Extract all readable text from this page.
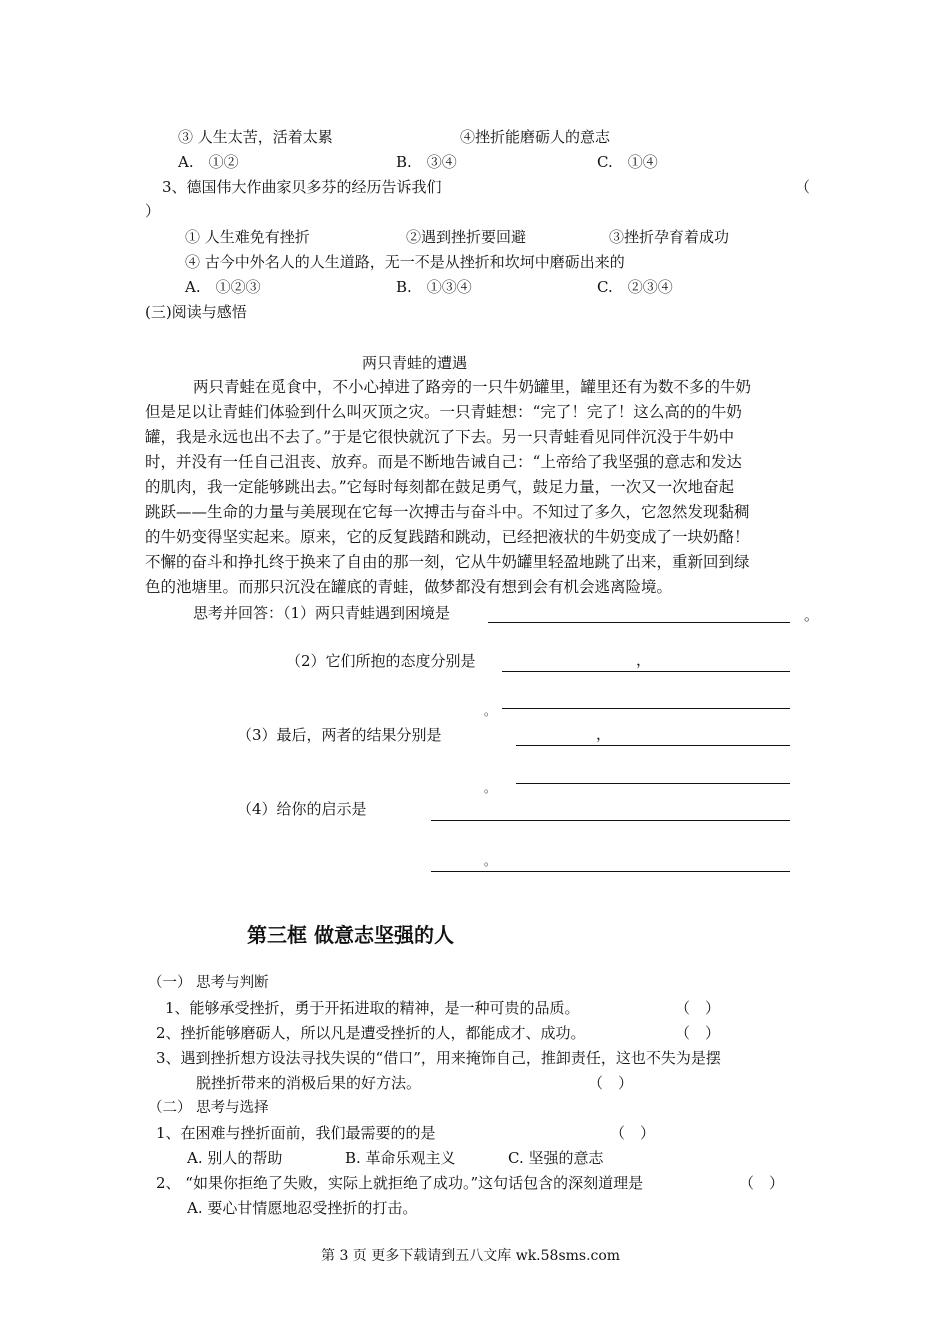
③ 人生太苦，活着太累	④挫折能磨砺人的意志
A.　①②	B.　③④	C.　①④
3、德国伟大作曲家贝多芬的经历告诉我们	（
）
① 人生难免有挫折	②遇到挫折要回避	③挫折孕育着成功
④ 古今中外名人的人生道路，无一不是从挫折和坎坷中磨砺出来的
A.　①②③	B.　①③④	C.　②③④
(三)阅读与感悟
两只青蛙的遭遇
两只青蛙在觅食中，不小心掉进了路旁的一只牛奶罐里，罐里还有为数不多的牛奶
但是足以让青蛙们体验到什么叫灭顶之灾。一只青蛙想：“完了！完了！这么高的的牛奶
罐，我是永远也出不去了。”于是它很快就沉了下去。另一只青蛙看见同伴沉没于牛奶中
时，并没有一任自己沮丧、放弃。而是不断地告诫自己：“上帝给了我坚强的意志和发达
的肌肉，我一定能够跳出去。”它每时每刻都在鼓足勇气，鼓足力量，一次又一次地奋起
跳跃——生命的力量与美展现在它每一次搏击与奋斗中。不知过了多久，它忽然发现黏稠
的牛奶变得坚实起来。原来，它的反复践踏和跳动，已经把液状的牛奶变成了一块奶酪！
不懈的奋斗和挣扎终于换来了自由的那一刻，它从牛奶罐里轻盈地跳了出来，重新回到绿
色的池塘里。而那只沉没在罐底的青蛙，做梦都没有想到会有机会逃离险境。
思考并回答：（1）两只青蛙遇到困境是	。
（2）它们所抱的态度分别是	，
。
（3）最后，两者的结果分别是	，
。
（4）给你的启示是
。
第三框 做意志坚强的人
（一） 思考与判断
1、能够承受挫折，勇于开拓进取的精神，是一种可贵的品质。	（　）
2、挫折能够磨砺人，所以凡是遭受挫折的人，都能成才、成功。	（　）
3、遇到挫折想方设法寻找失误的“借口”，用来掩饰自己，推卸责任，这也不失为是摆
脱挫折带来的消极后果的好方法。	（　）
（二） 思考与选择
1、在困难与挫折面前，我们最需要的的是	（　）
A. 别人的帮助	B. 革命乐观主义	C. 坚强的意志
2、 “如果你拒绝了失败，实际上就拒绝了成功。”这句话包含的深刻道理是	（　）
A. 要心甘情愿地忍受挫折的打击。
第 3 页 更多下载请到五八文库 wk.58sms.com
